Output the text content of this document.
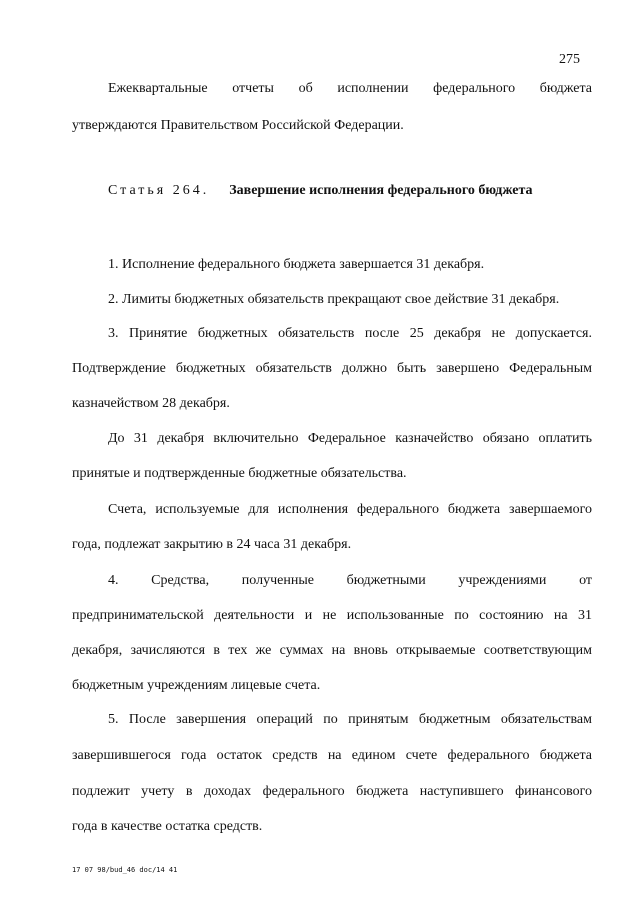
275
Ежеквартальные отчеты об исполнении федерального бюджета
утверждаются Правительством Российской Федерации.
Статья 264. Завершение исполнения федерального бюджета
1. Исполнение федерального бюджета завершается 31 декабря.
2. Лимиты бюджетных обязательств прекращают свое действие 31 декабря.
3. Принятие бюджетных обязательств после 25 декабря не допускается.
Подтверждение бюджетных обязательств должно быть завершено Федеральным
казначейством 28 декабря.
До 31 декабря включительно Федеральное казначейство обязано оплатить
принятые и подтвержденные бюджетные обязательства.
Счета, используемые для исполнения федерального бюджета завершаемого
года, подлежат закрытию в 24 часа 31 декабря.
4. Средства, полученные бюджетными учреждениями от
предпринимательской деятельности и не использованные по состоянию на 31
декабря, зачисляются в тех же суммах на вновь открываемые соответствующим
бюджетным учреждениям лицевые счета.
5. После завершения операций по принятым бюджетным обязательствам
завершившегося года остаток средств на едином счете федерального бюджета
подлежит учету в доходах федерального бюджета наступившего финансового
года в качестве остатка средств.
17 07 98/bud_46 doc/14 41
